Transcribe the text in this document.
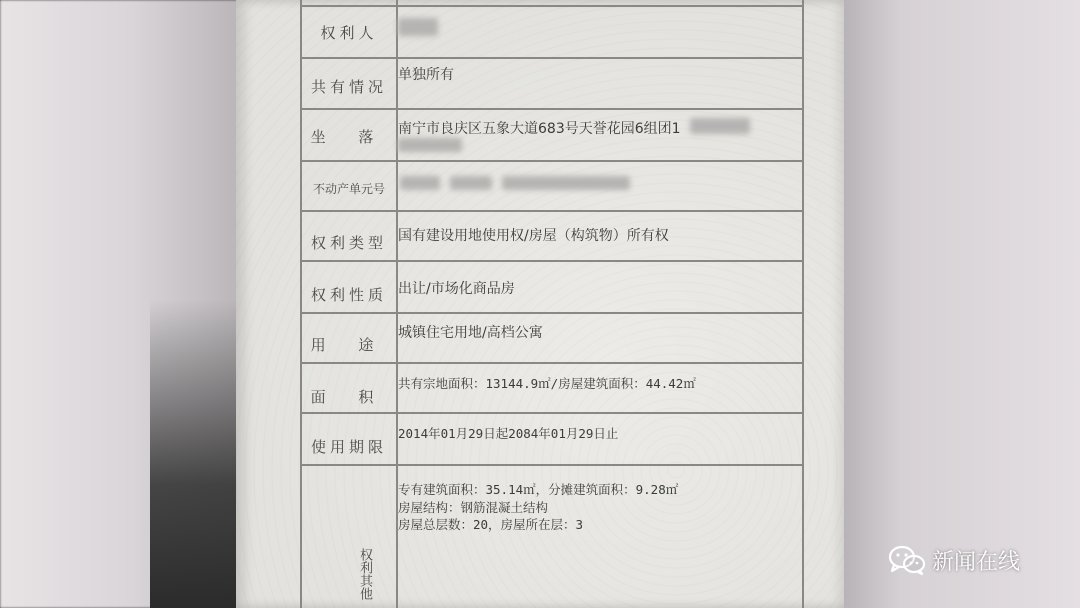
权利人
共有情况
单独所有
坐 落 南宁市良庆区五象大道683号天誉花园6组团1
不动产单元号
权利类型 国有建设用地使用权/房屋（构筑物）所有权
权利性质 出让/市场化商品房
用 途
城镇住宅用地/高档公寓
面 积
共有宗地面积：13144.9㎡/房屋建筑面积：44.42㎡
使用期限
2014年01月29日起2084年01月29日止
权利其他
专有建筑面积：35.14㎡，分摊建筑面积：9.28㎡
房屋结构：钢筋混凝土结构
房屋总层数：20，房屋所在层：3
新闻在线
